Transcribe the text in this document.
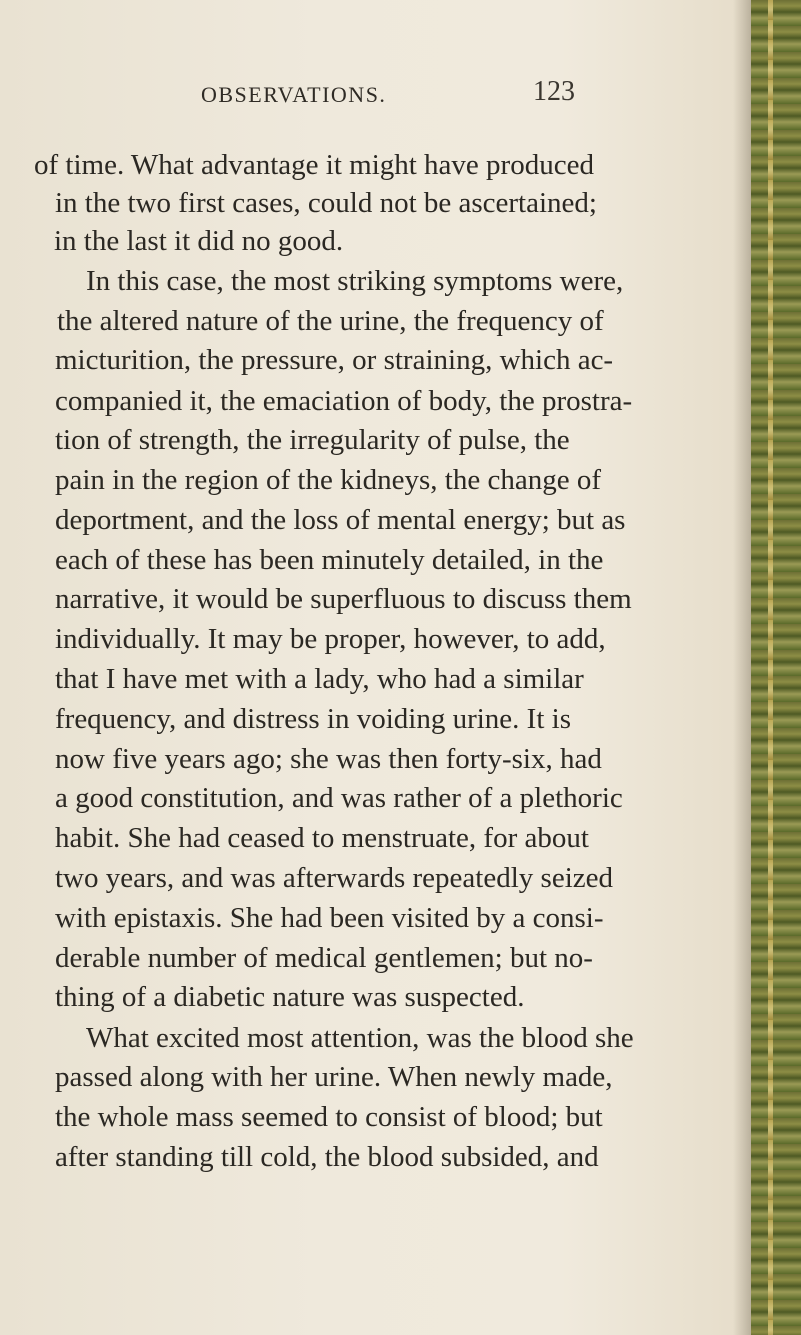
OBSERVATIONS.	123
of time. What advantage it might have produced
in the two first cases, could not be ascertained;
in the last it did no good.
In this case, the most striking symptoms were,
the altered nature of the urine, the frequency of
micturition, the pressure, or straining, which ac-
companied it, the emaciation of body, the prostra-
tion of strength, the irregularity of pulse, the
pain in the region of the kidneys, the change of
deportment, and the loss of mental energy; but as
each of these has been minutely detailed, in the
narrative, it would be superfluous to discuss them
individually. It may be proper, however, to add,
that I have met with a lady, who had a similar
frequency, and distress in voiding urine. It is
now five years ago; she was then forty-six, had
a good constitution, and was rather of a plethoric
habit. She had ceased to menstruate, for about
two years, and was afterwards repeatedly seized
with epistaxis. She had been visited by a consi-
derable number of medical gentlemen; but no-
thing of a diabetic nature was suspected.
What excited most attention, was the blood she
passed along with her urine. When newly made,
the whole mass seemed to consist of blood; but
after standing till cold, the blood subsided, and
